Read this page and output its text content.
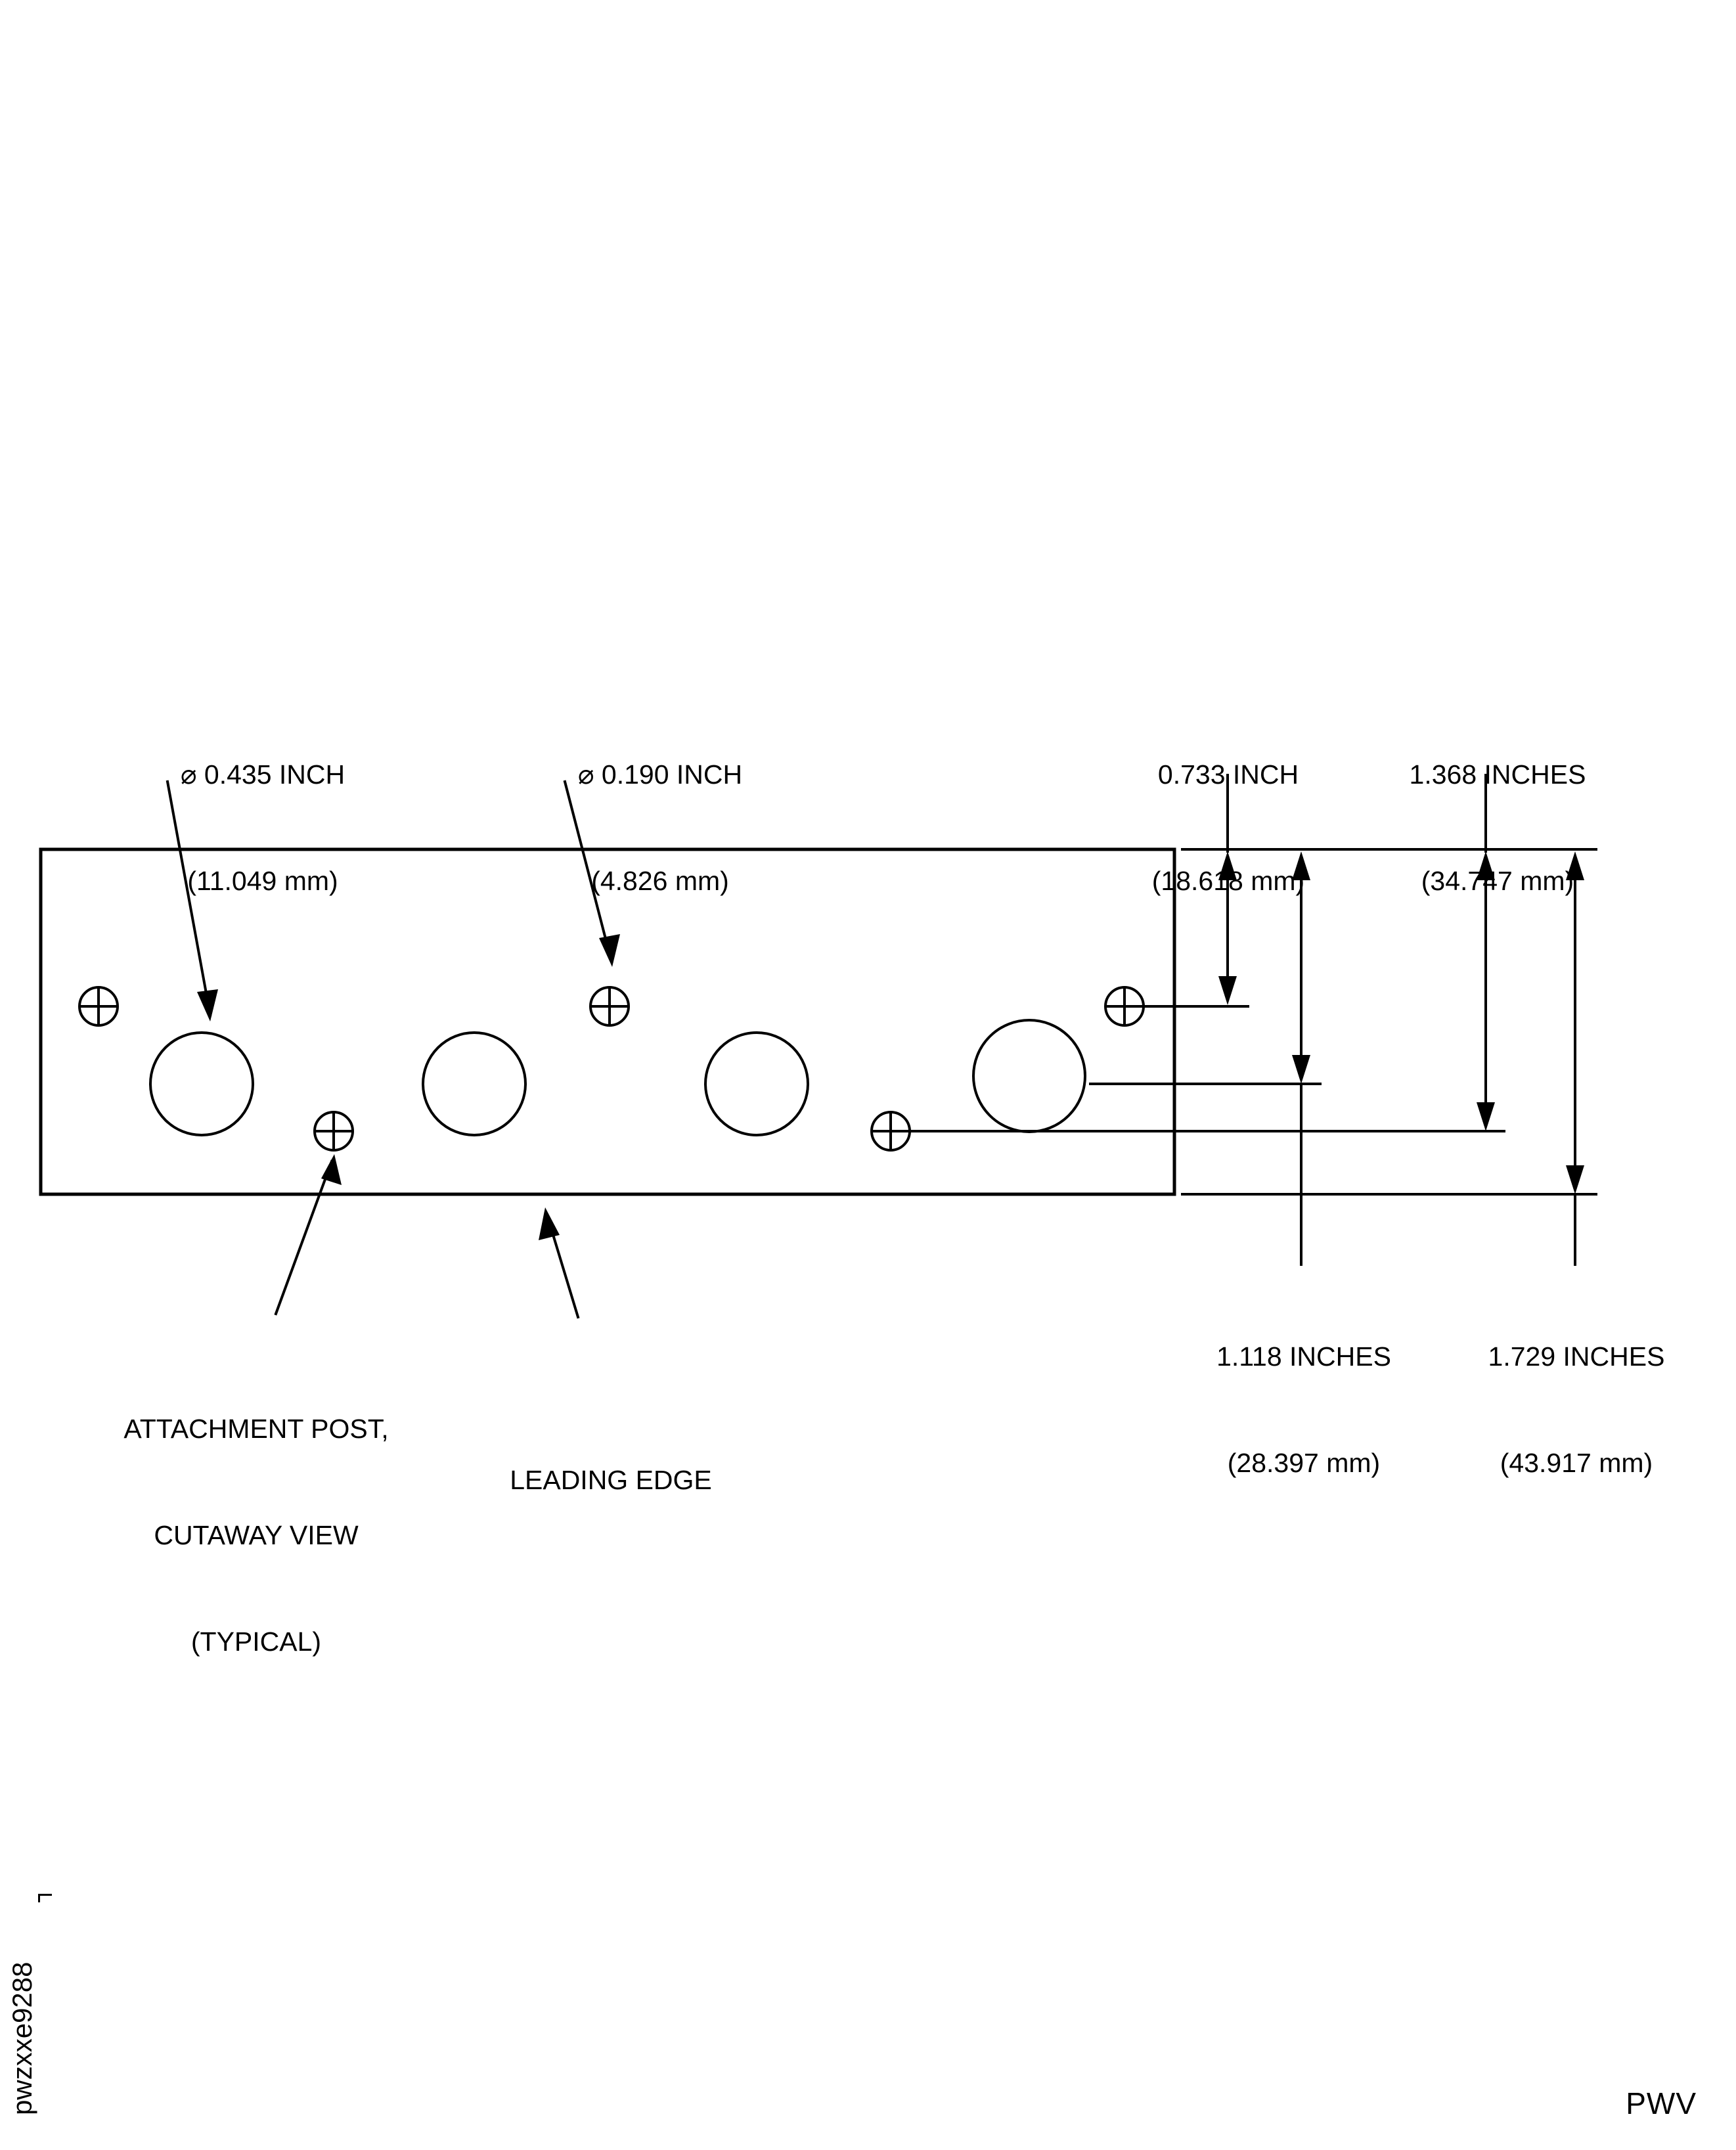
⌀ 0.435 INCH

(11.049 mm)

⌀ 0.190 INCH

(4.826 mm)

0.733 INCH

(18.618 mm)

1.368 INCHES

(34.747 mm)

1.118 INCHES

(28.397 mm)

1.729 INCHES

(43.917 mm)

ATTACHMENT POST,

CUTAWAY VIEW

(TYPICAL)

LEADING EDGE

pwzxxe9288	PWV
